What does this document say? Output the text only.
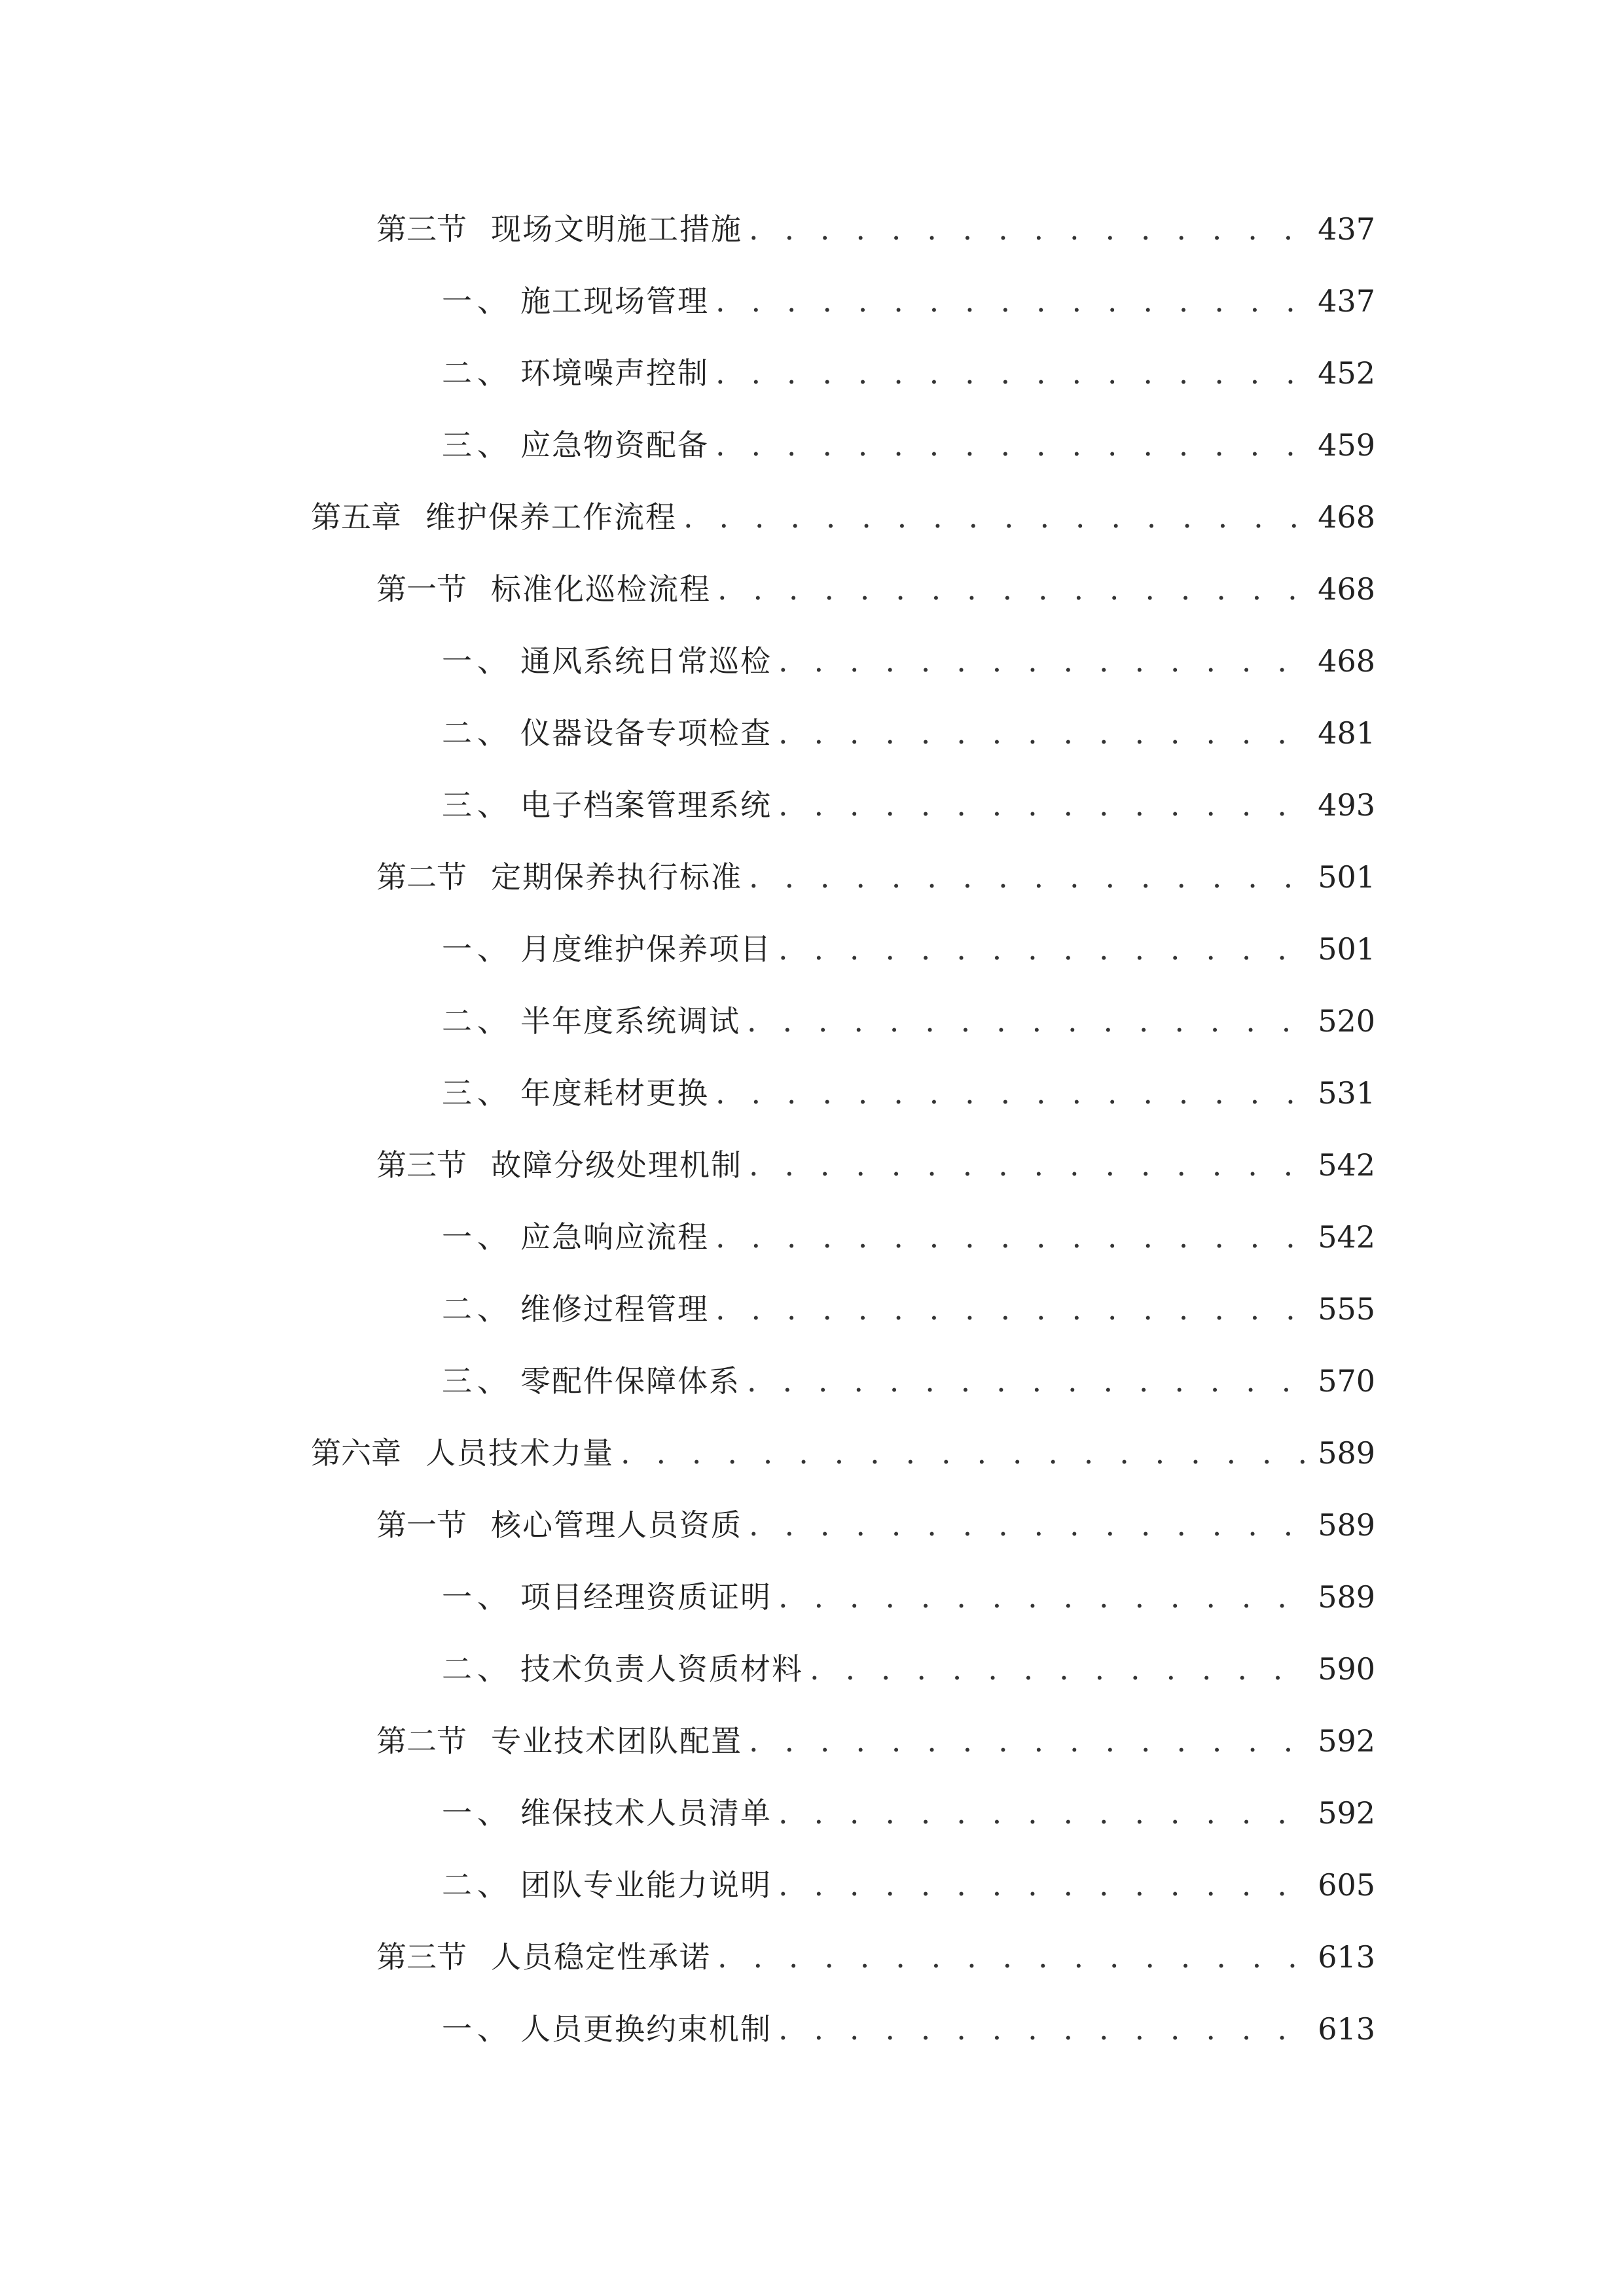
第三节 现场文明施工措施 . . .	437
一、 施工现场管理 . . .	437
二、 环境噪声控制 . . .	452
三、 应急物资配备 . . .	459
第五章 维护保养工作流程 . . .	468
第一节 标准化巡检流程 . . .	468
一、 通风系统日常巡检 . . .	468
二、 仪器设备专项检查 . . .	481
三、 电子档案管理系统 . . .	493
第二节 定期保养执行标准 . . .	501
一、 月度维护保养项目 . . .	501
二、 半年度系统调试 . . .	520
三、 年度耗材更换 . . .	531
第三节 故障分级处理机制 . . .	542
一、 应急响应流程 . . .	542
二、 维修过程管理 . . .	555
三、 零配件保障体系 . . .	570
第六章 人员技术力量 . . .	589
第一节 核心管理人员资质 . . .	589
一、 项目经理资质证明 . . .	589
二、 技术负责人资质材料 . . .	590
第二节 专业技术团队配置 . . .	592
一、 维保技术人员清单 . . .	592
二、 团队专业能力说明 . . .	605
第三节 人员稳定性承诺 . . .	613
一、 人员更换约束机制 . . .	613
